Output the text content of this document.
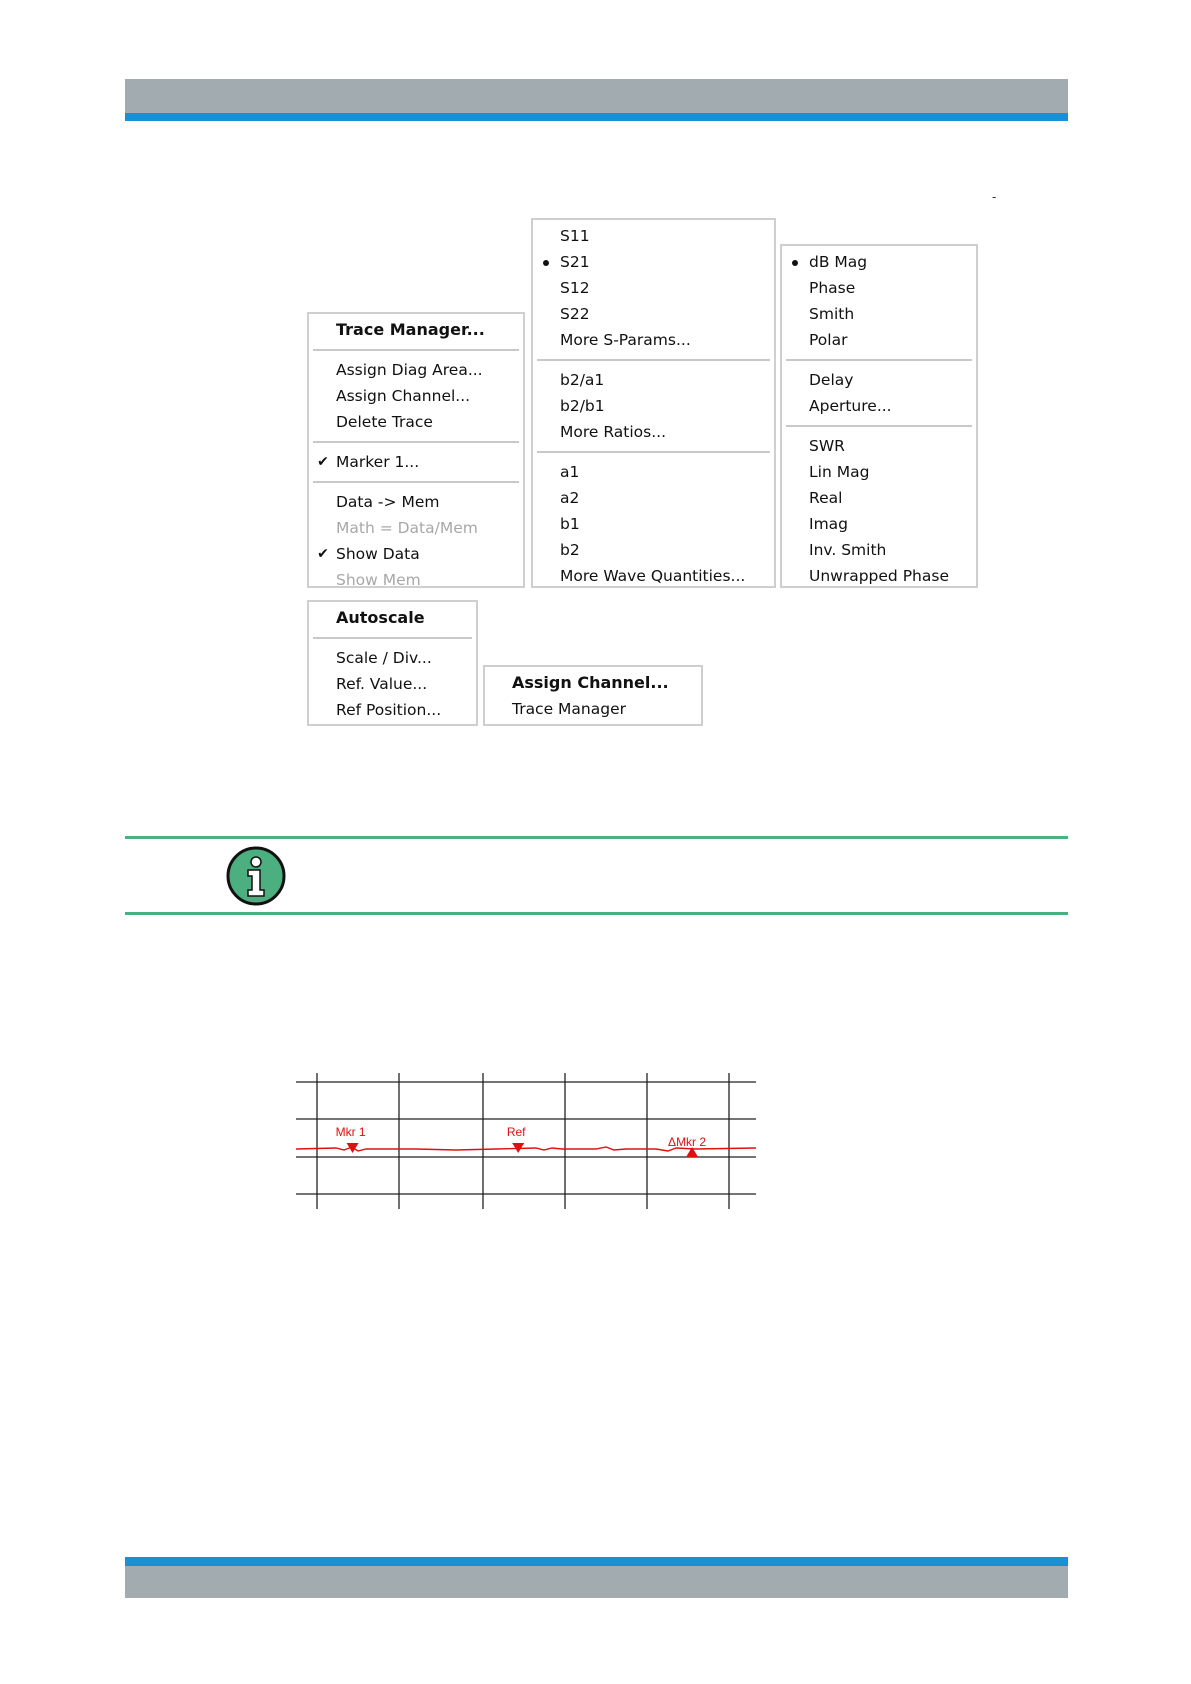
-
Trace Manager...
Assign Diag Area...
Assign Channel...
Delete Trace
✔ Marker 1...
Data -> Mem
Math = Data/Mem
✔ Show Data
Show Mem
S11
S21
S12
S22
More S-Params...
b2/a1
b2/b1
More Ratios...
a1
a2
b1
b2
More Wave Quantities...
dB Mag
Phase
Smith
Polar
Delay
Aperture...
SWR
Lin Mag
Real
Imag
Inv. Smith
Unwrapped Phase
Autoscale
Scale / Div...
Ref. Value...
Ref Position...
Assign Channel...
Trace Manager
Mkr 1	Ref
ΔMkr 2
